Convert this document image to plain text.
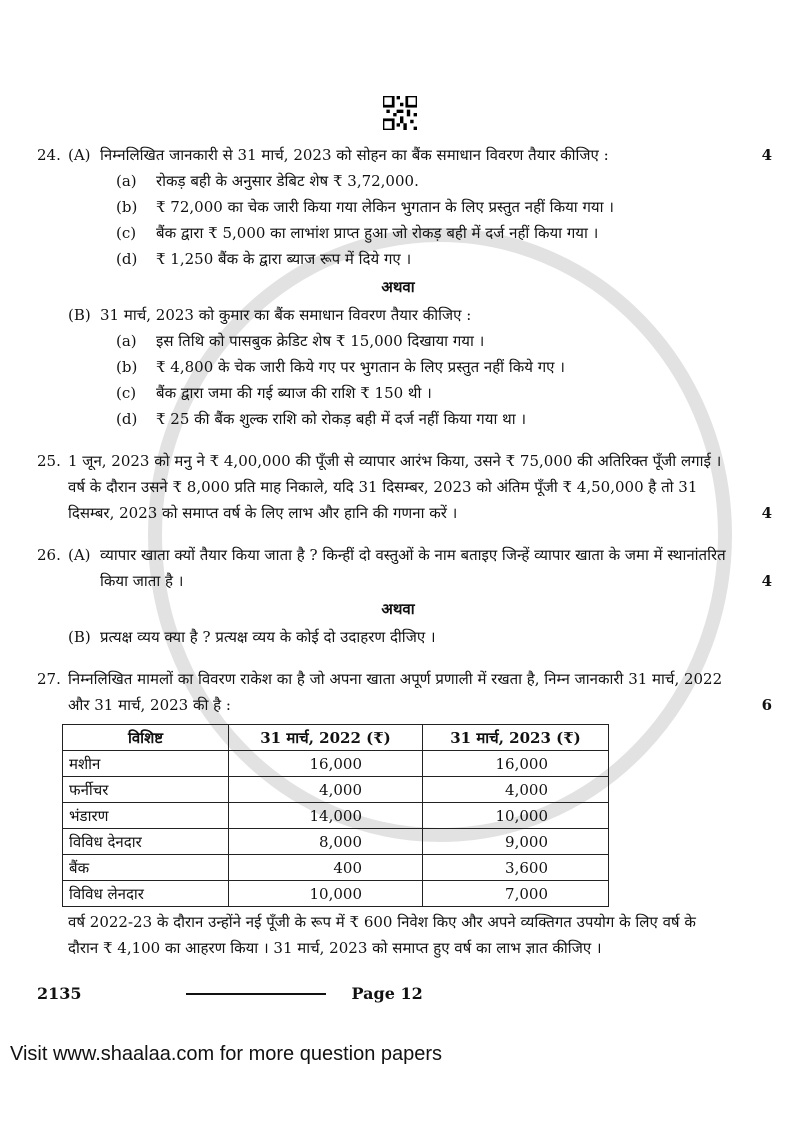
24. (A) निम्नलिखित जानकारी से 31 मार्च, 2023 को सोहन का बैंक समाधान विवरण तैयार कीजिए :
(a)	रोकड़ बही के अनुसार डेबिट शेष ₹ 3,72,000.
(b)	₹ 72,000 का चेक जारी किया गया लेकिन भुगतान के लिए प्रस्तुत नहीं किया गया ।
(c)	बैंक द्वारा ₹ 5,000 का लाभांश प्राप्त हुआ जो रोकड़ बही में दर्ज नहीं किया गया ।
(d)	₹ 1,250 बैंक के द्वारा ब्याज रूप में दिये गए ।
अथवा
(B) 31 मार्च, 2023 को कुमार का बैंक समाधान विवरण तैयार कीजिए :
(a)	इस तिथि को पासबुक क्रेडिट शेष ₹ 15,000 दिखाया गया ।
(b)	₹ 4,800 के चेक जारी किये गए पर भुगतान के लिए प्रस्तुत नहीं किये गए ।
(c)	बैंक द्वारा जमा की गई ब्याज की राशि ₹ 150 थी ।
(d)	₹ 25 की बैंक शुल्क राशि को रोकड़ बही में दर्ज नहीं किया गया था ।
4
25. 1 जून, 2023 को मनु ने ₹ 4,00,000 की पूँजी से व्यापार आरंभ किया, उसने ₹ 75,000 की अतिरिक्त पूँजी लगाई । वर्ष के दौरान उसने ₹ 8,000 प्रति माह निकाले, यदि 31 दिसम्बर, 2023 को अंतिम पूँजी ₹ 4,50,000 है तो 31 दिसम्बर, 2023 को समाप्त वर्ष के लिए लाभ और हानि की गणना करें ।	4
26. (A) व्यापार खाता क्यों तैयार किया जाता है ? किन्हीं दो वस्तुओं के नाम बताइए जिन्हें व्यापार खाता के जमा में स्थानांतरित किया जाता है ।
अथवा
(B) प्रत्यक्ष व्यय क्या है ? प्रत्यक्ष व्यय के कोई दो उदाहरण दीजिए ।
4
27. निम्नलिखित मामलों का विवरण राकेश का है जो अपना खाता अपूर्ण प्रणाली में रखता है, निम्न जानकारी 31 मार्च, 2022 और 31 मार्च, 2023 की है :
विशिष्ट	31 मार्च, 2022 (₹)	31 मार्च, 2023 (₹)
मशीन	16,000	16,000
फर्नीचर	4,000	4,000
भंडारण	14,000	10,000
विविध देनदार	8,000	9,000
बैंक	400	3,600
विविध लेनदार	10,000	7,000
वर्ष 2022-23 के दौरान उन्होंने नई पूँजी के रूप में ₹ 600 निवेश किए और अपने व्यक्तिगत उपयोग के लिए वर्ष के दौरान ₹ 4,100 का आहरण किया । 31 मार्च, 2023 को समाप्त हुए वर्ष का लाभ ज्ञात कीजिए ।
6
2135	Page 12
Visit www.shaalaa.com for more question papers
